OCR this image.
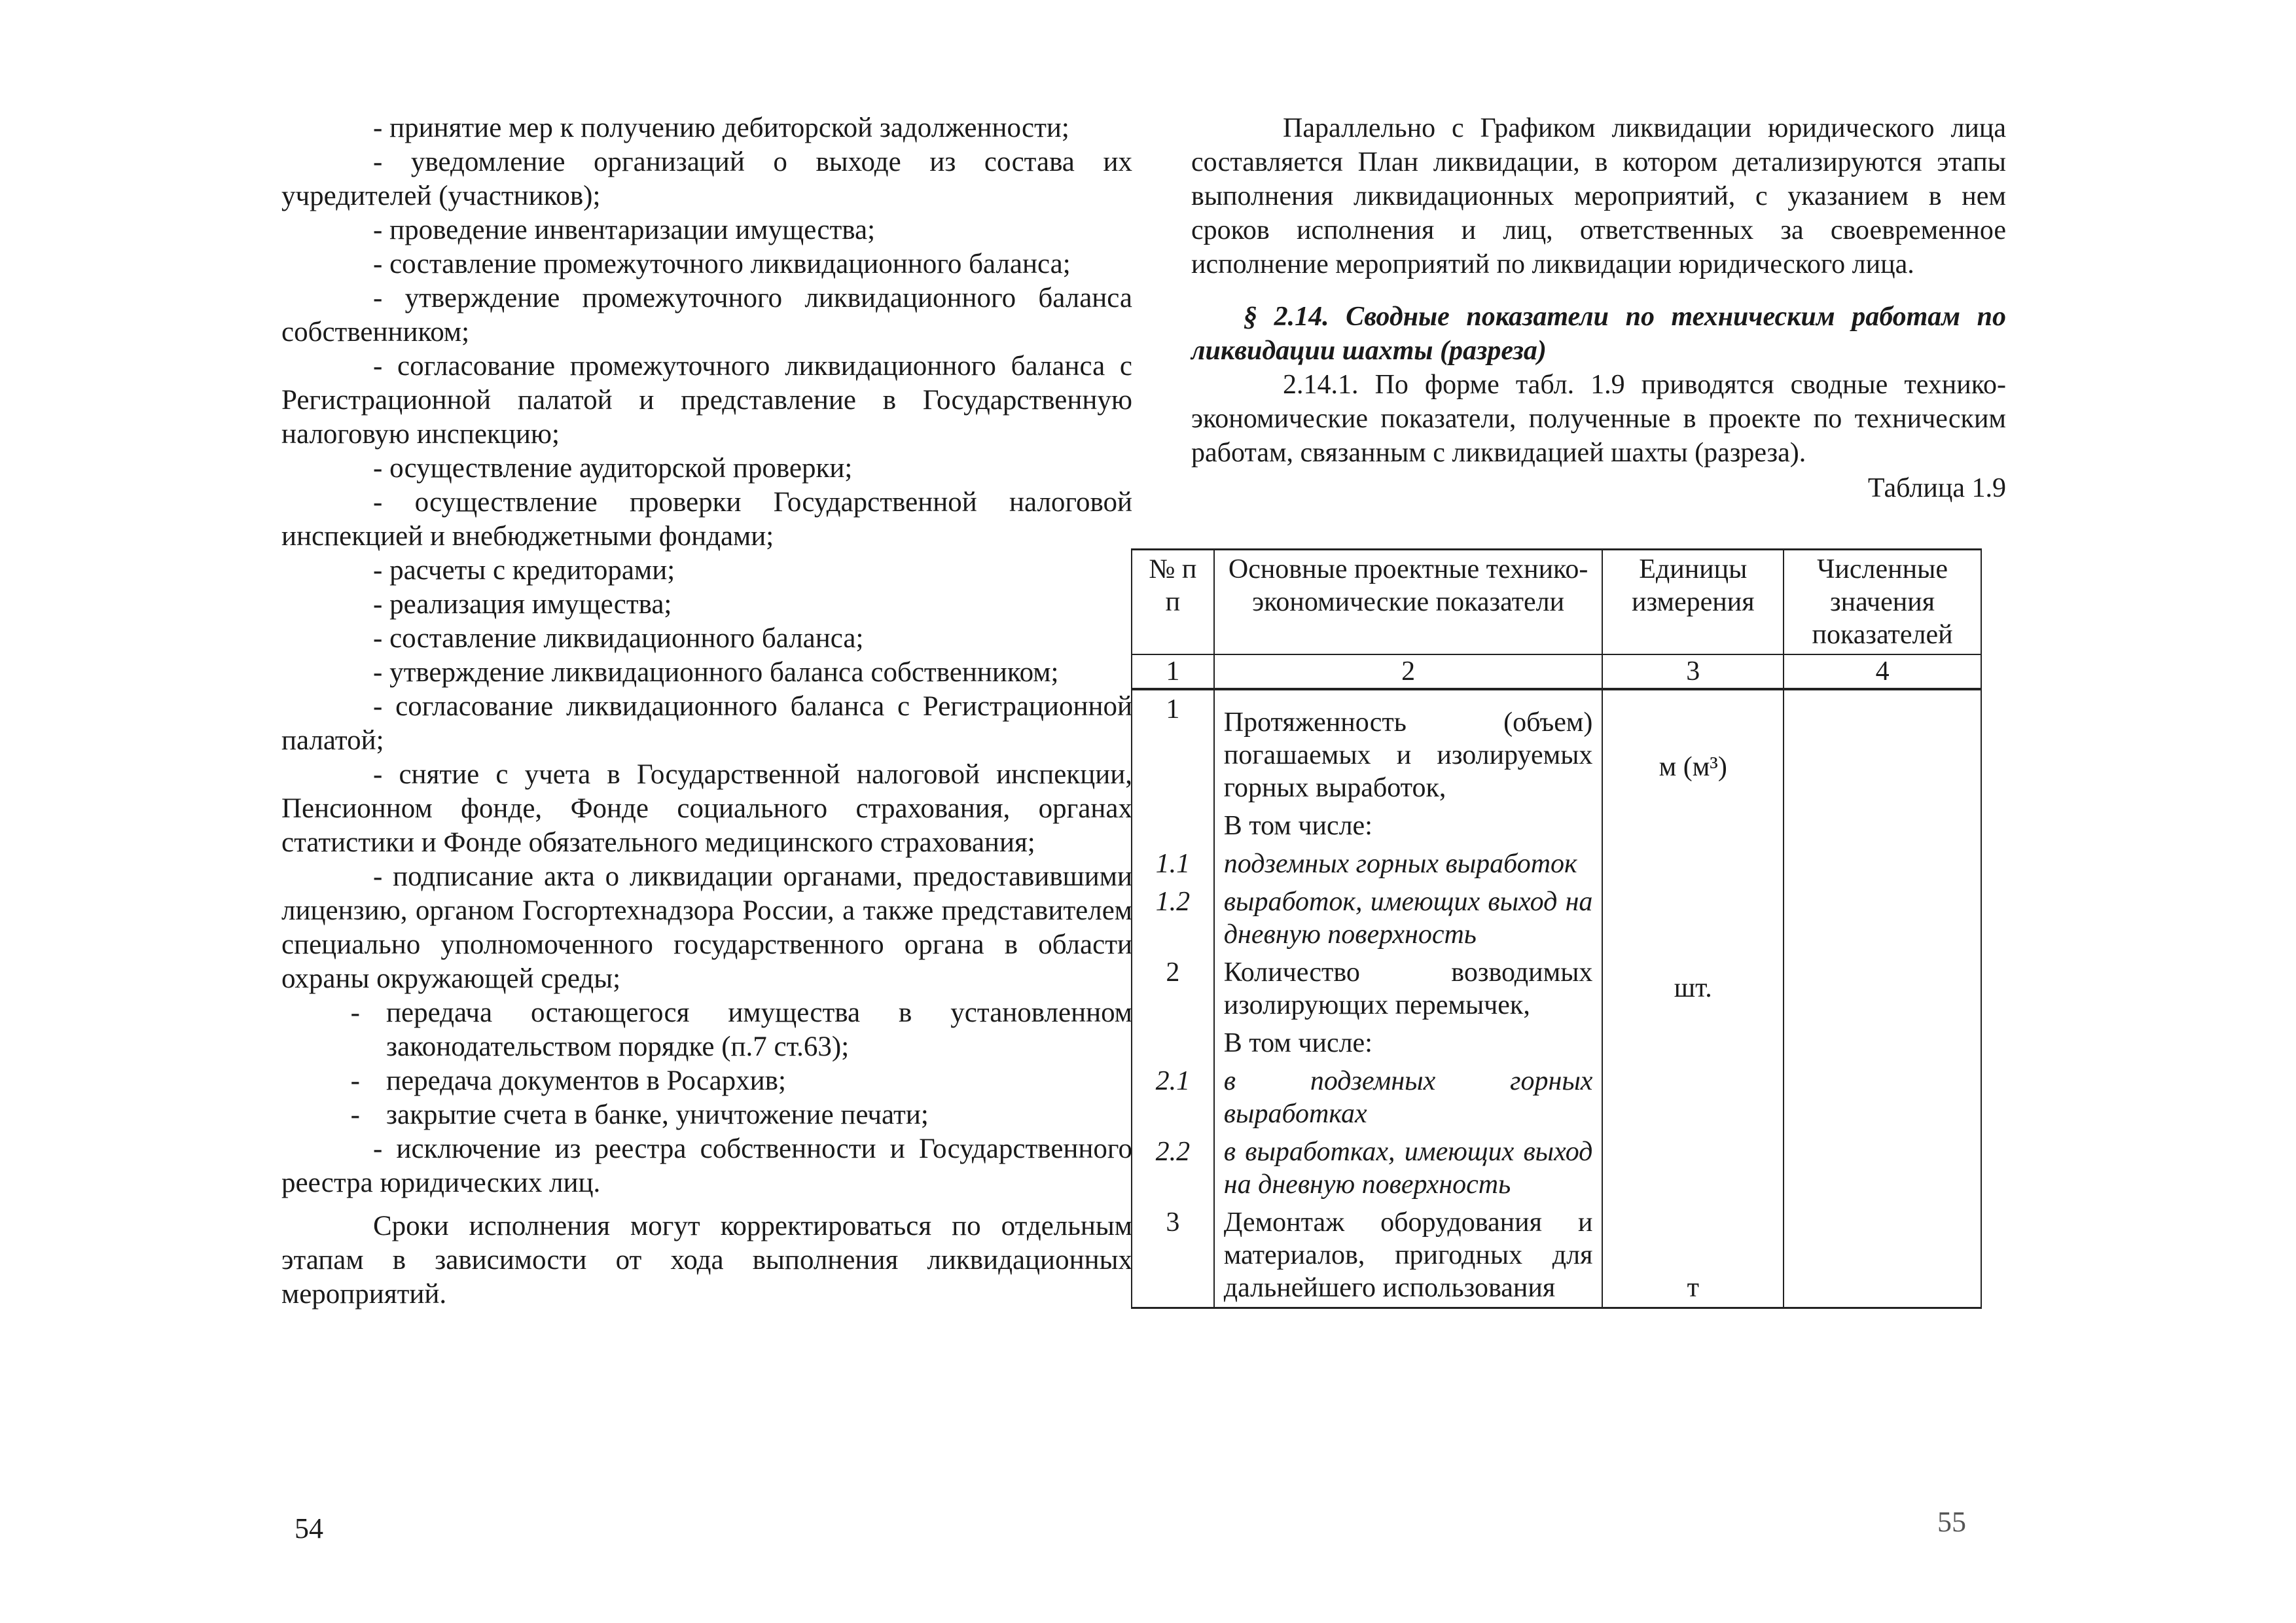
- принятие мер к получению дебиторской задолженности;

- уведомление организаций о выходе из состава их учредителей (участников);

- проведение инвентаризации имущества;

- составление промежуточного ликвидационного баланса;

- утверждение промежуточного ликвидационного баланса собственником;

- согласование промежуточного ликвидационного баланса с Регистрационной палатой и представление в Государственную налоговую инспекцию;

- осуществление аудиторской проверки;

- осуществление проверки Государственной налоговой инспекцией и внебюджетными фондами;

- расчеты с кредиторами;

- реализация имущества;

- составление ликвидационного баланса;

- утверждение ликвидационного баланса собственником;

- согласование ликвидационного баланса с Регистрационной палатой;

- снятие с учета в Государственной налоговой инспекции, Пенсионном фонде, Фонде социального страхования, органах статистики и Фонде обязательного медицинского страхования;

- подписание акта о ликвидации органами, предоставившими лицензию, органом Госгортехнадзора России, а также представителем специально уполномоченного государственного органа в области охраны окружающей среды;

- передача остающегося имущества в установленном законодательством порядке (п.7 ст.63);
- передача документов в Росархив;
- закрытие счета в банке, уничтожение печати;

- исключение из реестра собственности и Государственного реестра юридических лиц.

Сроки исполнения могут корректироваться по отдельным этапам в зависимости от хода выполнения ликвидационных мероприятий.

54

Параллельно с Графиком ликвидации юридического лица составляется План ликвидации, в котором детализируются этапы выполнения ликвидационных мероприятий, с указанием в нем сроков исполнения и лиц, ответственных за своевременное исполнение мероприятий по ликвидации юридического лица.

§ 2.14. Сводные показатели по техническим работам по ликвидации шахты (разреза)

2.14.1. По форме табл. 1.9 приводятся сводные технико-экономические показатели, полученные в проекте по техническим работам, связанным с ликвидацией шахты (разреза).

Таблица 1.9

№ п п	Основные проектные технико-экономические показатели	Единицы измерения	Численные значения показателей
1	2	3	4
1	Протяженность (объем) погашаемых и изолируемых горных выработок,	м (м³)	
	В том числе:		
1.1	подземных горных выработок		
1.2	выработок, имеющих выход на дневную поверхность		
2	Количество возводимых изолирующих перемычек,	шт.	
	В том числе:		
2.1	в подземных горных выработках		
2.2	в выработках, имеющих выход на дневную поверхность		
3	Демонтаж оборудования и материалов, пригодных для дальнейшего использования	т	
55
